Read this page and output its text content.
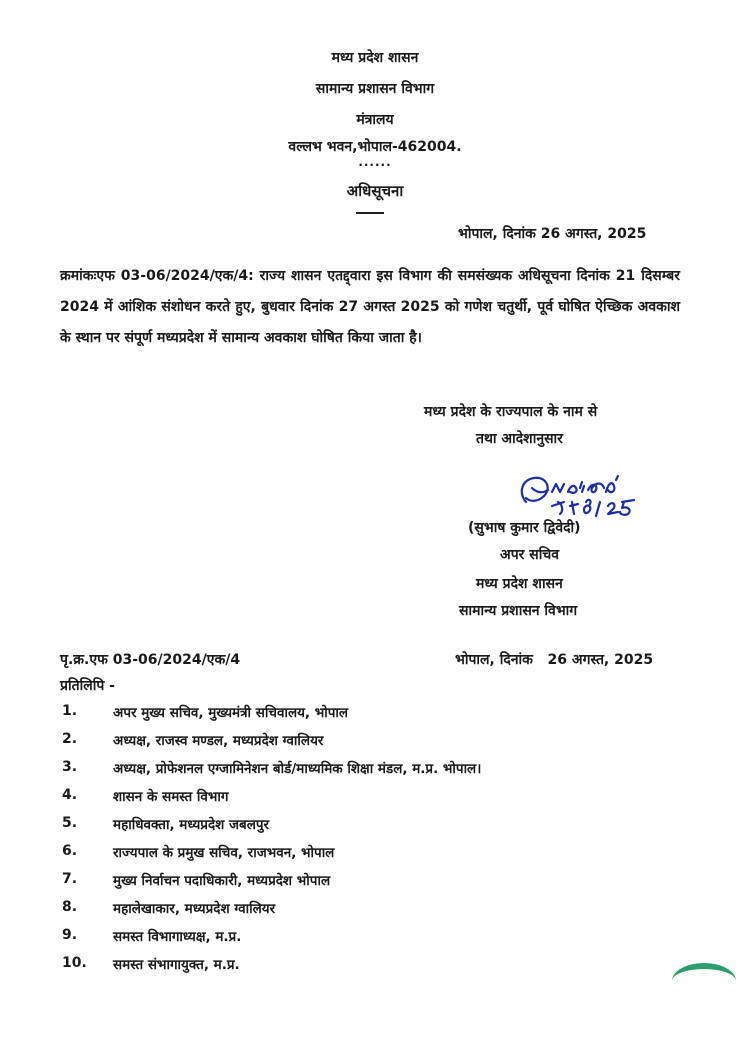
मध्य प्रदेश शासन
सामान्य प्रशासन विभाग
मंत्रालय
वल्लभ भवन,भोपाल-462004.
......
अधिसूचना
भोपाल, दिनांक 26 अगस्त, 2025
क्रमांकःएफ 03-06/2024/एक/4: राज्य शासन एतद्द्वारा इस विभाग की समसंख्यक अधिसूचना दिनांक 21 दिसम्बर 2024 में आंशिक संशोधन करते हुए, बुधवार दिनांक 27 अगस्त 2025 को गणेश चतुर्थी, पूर्व घोषित ऐच्छिक अवकाश के स्थान पर संपूर्ण मध्यप्रदेश में सामान्य अवकाश घोषित किया जाता है।
मध्य प्रदेश के राज्यपाल के नाम से
तथा आदेशानुसार
(सुभाष कुमार द्विवेदी)
अपर सचिव
मध्य प्रदेश शासन
सामान्य प्रशासन विभाग
पृ.क्र.एफ 03-06/2024/एक/4	भोपाल, दिनांक   26 अगस्त, 2025
प्रतिलिपि -
1.	अपर मुख्य सचिव, मुख्यमंत्री सचिवालय, भोपाल
2.	अध्यक्ष, राजस्व मण्डल, मध्यप्रदेश ग्वालियर
3.	अध्यक्ष, प्रोफेशनल एग्जामिनेशन बोर्ड/माध्यमिक शिक्षा मंडल, म.प्र. भोपाल।
4.	शासन के समस्त विभाग
5.	महाधिवक्ता, मध्यप्रदेश जबलपुर
6.	राज्यपाल के प्रमुख सचिव, राजभवन, भोपाल
7.	मुख्य निर्वाचन पदाधिकारी, मध्यप्रदेश भोपाल
8.	महालेखाकार, मध्यप्रदेश ग्वालियर
9.	समस्त विभागाध्यक्ष, म.प्र.
10. समस्त संभागायुक्त, म.प्र.
